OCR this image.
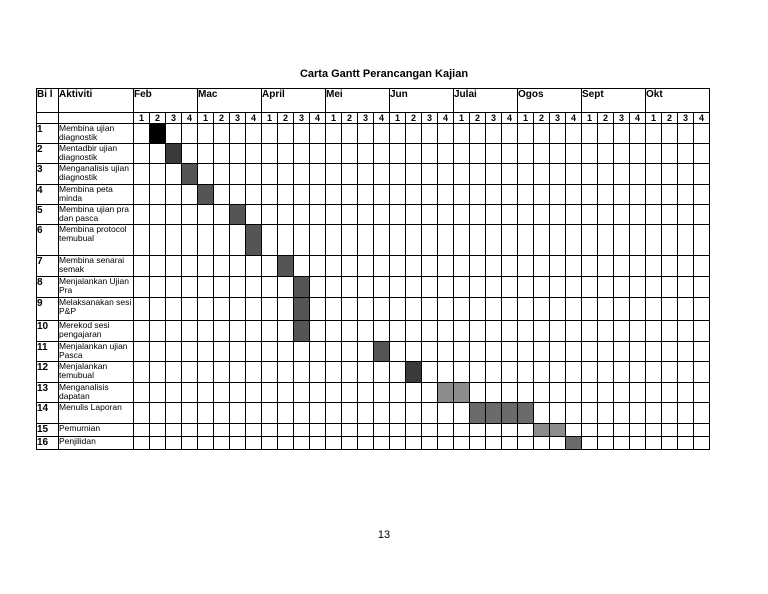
Carta Gantt Perancangan Kajian
Bi l	Aktiviti	Feb				Mac				April				Mei				Jun				Julai				Ogos				Sept				Okt			
		1	2	3	4	1	2	3	4	1	2	3	4	1	2	3	4	1	2	3	4	1	2	3	4	1	2	3	4	1	2	3	4	1	2	3	4
1	Membina ujian diagnostik																																				
2	Mentadbir ujian diagnostik																																				
3	Menganalisis ujian diagnostik																																				
4	Membina peta minda																																				
5	Membina ujian pra dan pasca																																				
6	Membina protocol temubual																																				
7	Membina senarai semak																																				
8	Menjalankan Ujian Pra																																				
9	Melaksanakan sesi P&P																																				
10	Merekod sesi pengajaran																																				
11	Menjalankan ujian Pasca																																				
12	Menjalankan temubual																																				
13	Menganalisis dapatan																																				
14	Menulis Laporan																																				
15	Pemurnian																																				
16	Penjilidan																																				
13
